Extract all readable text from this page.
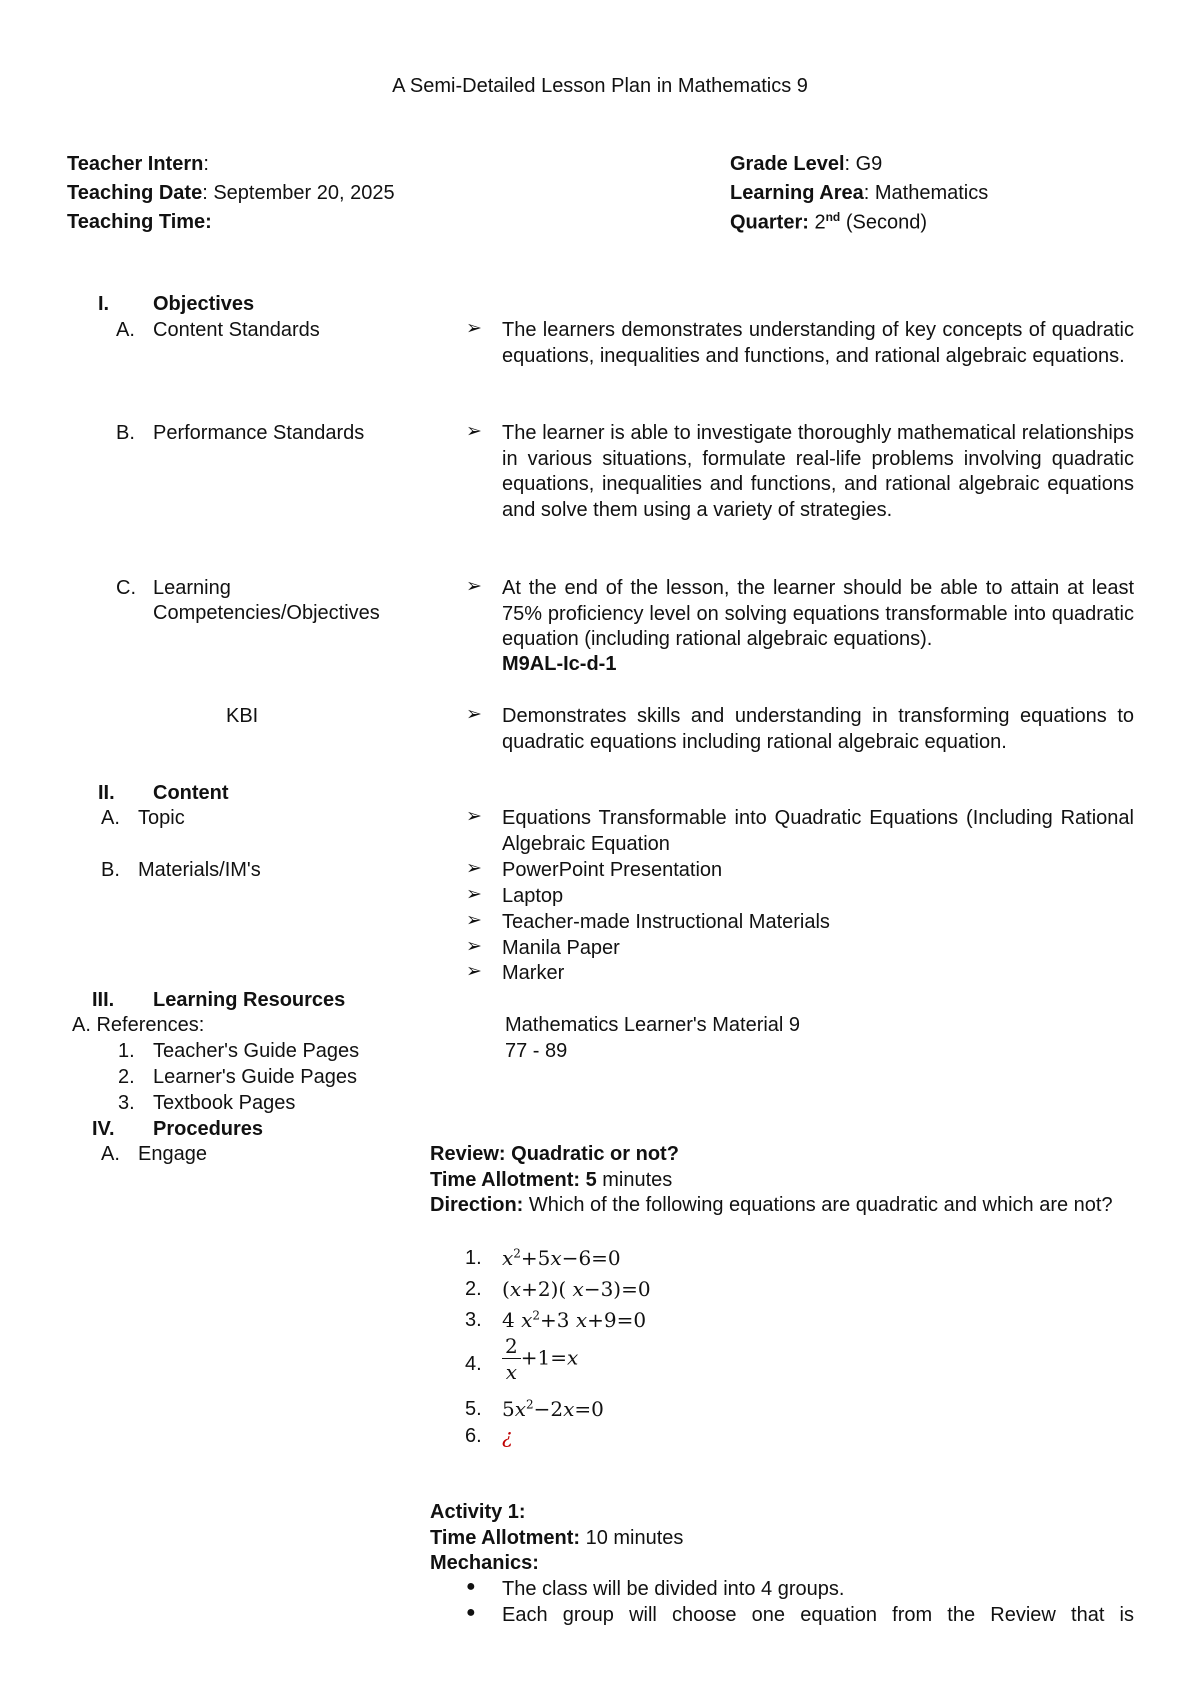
A Semi-Detailed Lesson Plan in Mathematics 9
Teacher Intern:
Teaching Date: September 20, 2025
Teaching Time:
Grade Level: G9
Learning Area: Mathematics
Quarter: 2nd (Second)
I. Objectives
A. Content Standards	➢ The learners demonstrates understanding of key concepts of quadratic equations, inequalities and functions, and rational algebraic equations.
B. Performance Standards	➢ The learner is able to investigate thoroughly mathematical relationships in various situations, formulate real-life problems involving quadratic equations, inequalities and functions, and rational algebraic equations and solve them using a variety of strategies.
C. Learning
Competencies/Objectives
➢ At the end of the lesson, the learner should be able to attain at least 75% proficiency level on solving equations transformable into quadratic equation (including rational algebraic equations).
M9AL-Ic-d-1
KBI	➢ Demonstrates skills and understanding in transforming equations to quadratic equations including rational algebraic equation.
II. Content
A. Topic	➢ Equations Transformable into Quadratic Equations (Including Rational Algebraic Equation
B. Materials/IM's	➢ PowerPoint Presentation
➢ Laptop
➢ Teacher-made Instructional Materials
➢ Manila Paper
➢ Marker
III. Learning Resources
A. References:	Mathematics Learner's Material 9
1. Teacher's Guide Pages	77 - 89
2. Learner's Guide Pages
3. Textbook Pages
IV. Procedures
A. Engage	Review: Quadratic or not?
Time Allotment: 5 minutes
Direction: Which of the following equations are quadratic and which are not?
1. $x^2+5x-6=0$
2. (x+2)( x−3)=0
3. 4 $x^2+3$ x+9=0
4. $\frac{2}{x} +1=x$
5. $5x^2-2x=0$
6. ¿
Activity 1:
Time Allotment: 10 minutes
Mechanics:
● The class will be divided into 4 groups.
● Each group will choose one equation from the Review that is
